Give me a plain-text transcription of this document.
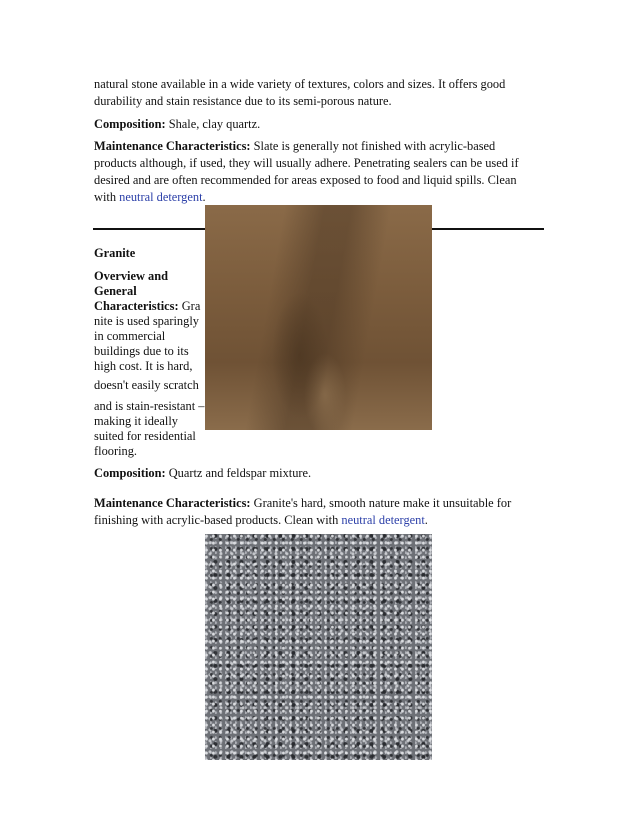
natural stone available in a wide variety of textures, colors and sizes. It offers good

durability and stain resistance due to its semi-porous nature.

Composition: Shale, clay quartz.

Maintenance Characteristics: Slate is generally not finished with acrylic-based

products although, if used, they will usually adhere. Penetrating sealers can be used if

desired and are often recommended for areas exposed to food and liquid spills. Clean

with neutral detergent.

Granite

Overview and

General

Characteristics: Gra

nite is used sparingly

in commercial

buildings due to its

high cost. It is hard,

doesn't easily scratch

and is stain-resistant –

making it ideally

suited for residential

flooring.

Composition: Quartz and feldspar mixture.

Maintenance Characteristics: Granite's hard, smooth nature make it unsuitable for

finishing with acrylic-based products. Clean with neutral detergent.
